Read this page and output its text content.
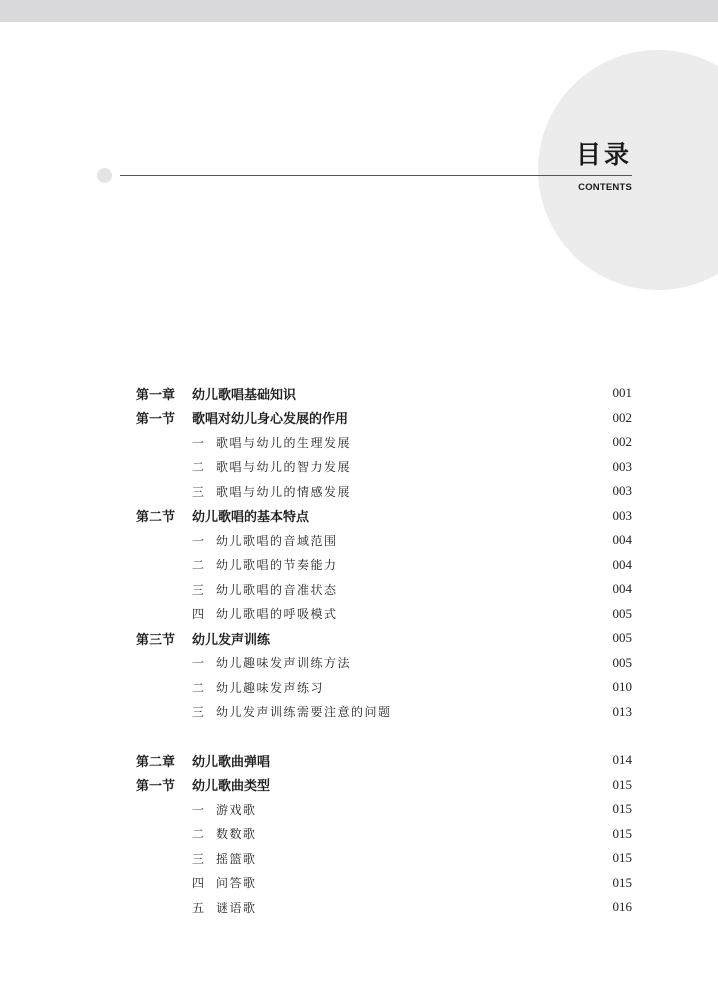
目录
CONTENTS
第一章	幼儿歌唱基础知识	001
第一节	歌唱对幼儿身心发展的作用	002
一 歌唱与幼儿的生理发展	002
二 歌唱与幼儿的智力发展	003
三 歌唱与幼儿的情感发展	003
第二节	幼儿歌唱的基本特点	003
一 幼儿歌唱的音域范围	004
二 幼儿歌唱的节奏能力	004
三 幼儿歌唱的音准状态	004
四 幼儿歌唱的呼吸模式	005
第三节	幼儿发声训练	005
一 幼儿趣味发声训练方法	005
二 幼儿趣味发声练习	010
三 幼儿发声训练需要注意的问题	013
第二章	幼儿歌曲弹唱	014
第一节	幼儿歌曲类型	015
一 游戏歌	015
二 数数歌	015
三 摇篮歌	015
四 问答歌	015
五 谜语歌	016
